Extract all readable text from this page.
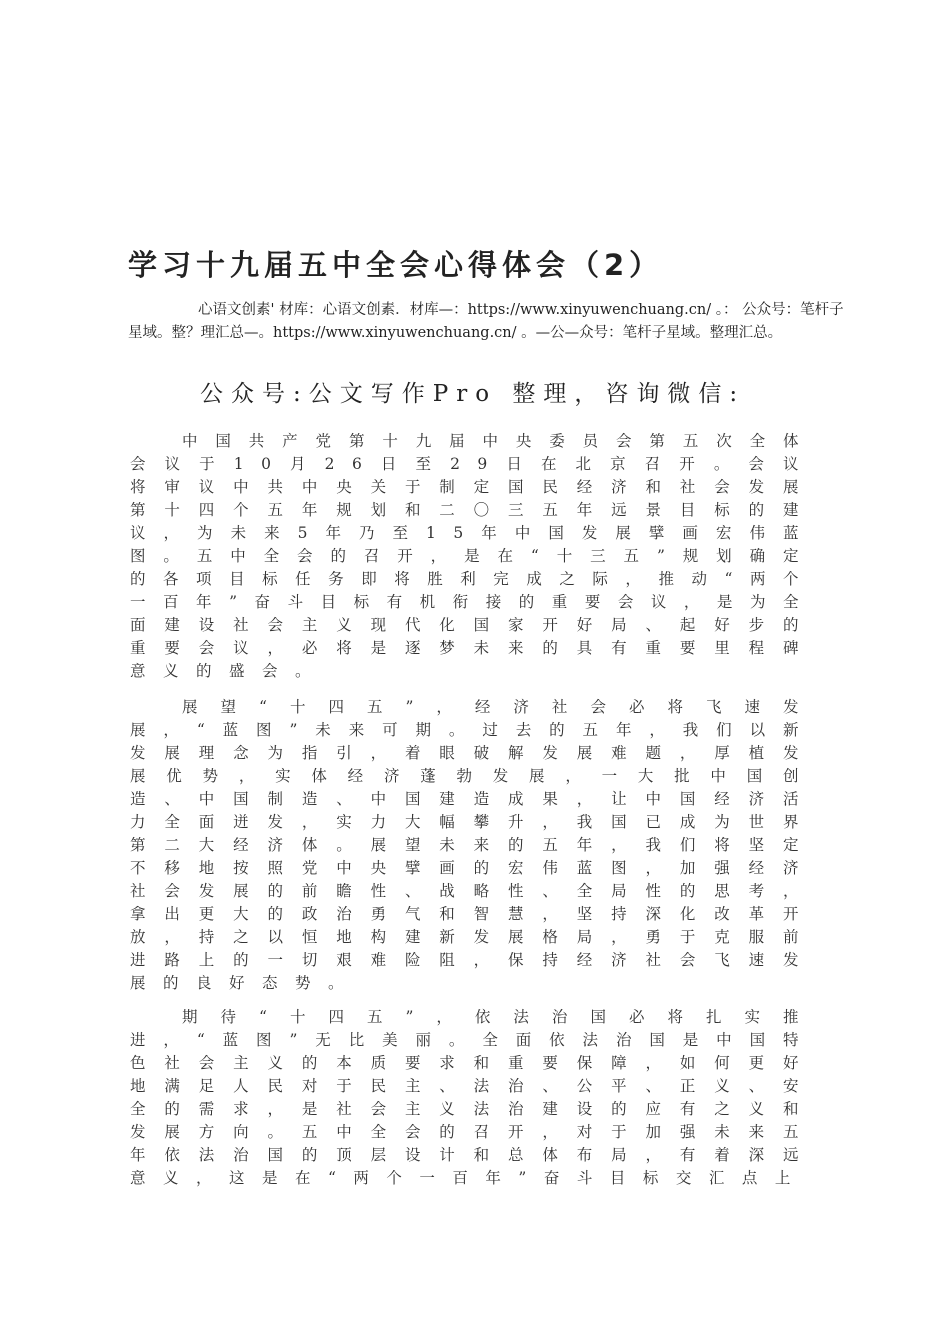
学习十九届五中全会心得体会（2）
心语文创素' 材库：心语文创素．材库—：https://www.xinyuwenchuang.cn/ 。： 公众号：笔杆子星域。整？理汇总—。https://www.xinyuwenchuang.cn/ 。—公—众号：笔杆子星域。整理汇总。
公众号:公文写作Pro 整理，咨询微信:

中国共产党第十九届中央委员会第五次全体会议于10月26日至29日在北京召开。会议将审议中共中央关于制定国民经济和社会发展第十四个五年规划和二〇三五年远景目标的建议，为未来5年乃至15年中国发展擘画宏伟蓝图。五中全会的召开，是在“十三五”规划确定的各项目标任务即将胜利完成之际，推动“两个一百年”奋斗目标有机衔接的重要会议，是为全面建设社会主义现代化国家开好局、起好步的重要会议，必将是逐梦未来的具有重要里程碑意义的盛会。

展望“十四五”，经济社会必将飞速发展，“蓝图”未来可期。过去的五年，我们以新发展理念为指引，着眼破解发展难题，厚植发展优势，实体经济蓬勃发展，一大批中国创造、中国制造、中国建造成果，让中国经济活力全面迸发，实力大幅攀升，我国已成为世界第二大经济体。展望未来的五年，我们将坚定不移地按照党中央擘画的宏伟蓝图，加强经济社会发展的前瞻性、战略性、全局性的思考，拿出更大的政治勇气和智慧，坚持深化改革开放，持之以恒地构建新发展格局，勇于克服前进路上的一切艰难险阻，保持经济社会飞速发展的良好态势。

期待“十四五”，依法治国必将扎实推进，“蓝图”无比美丽。全面依法治国是中国特色社会主义的本质要求和重要保障，如何更好地满足人民对于民主、法治、公平、正义、安全的需求，是社会主义法治建设的应有之义和发展方向。五中全会的召开，对于加强未来五年依法治国的顶层设计和总体布局，有着深远意义，这是在“两个一百年”奋斗目标交汇点上
